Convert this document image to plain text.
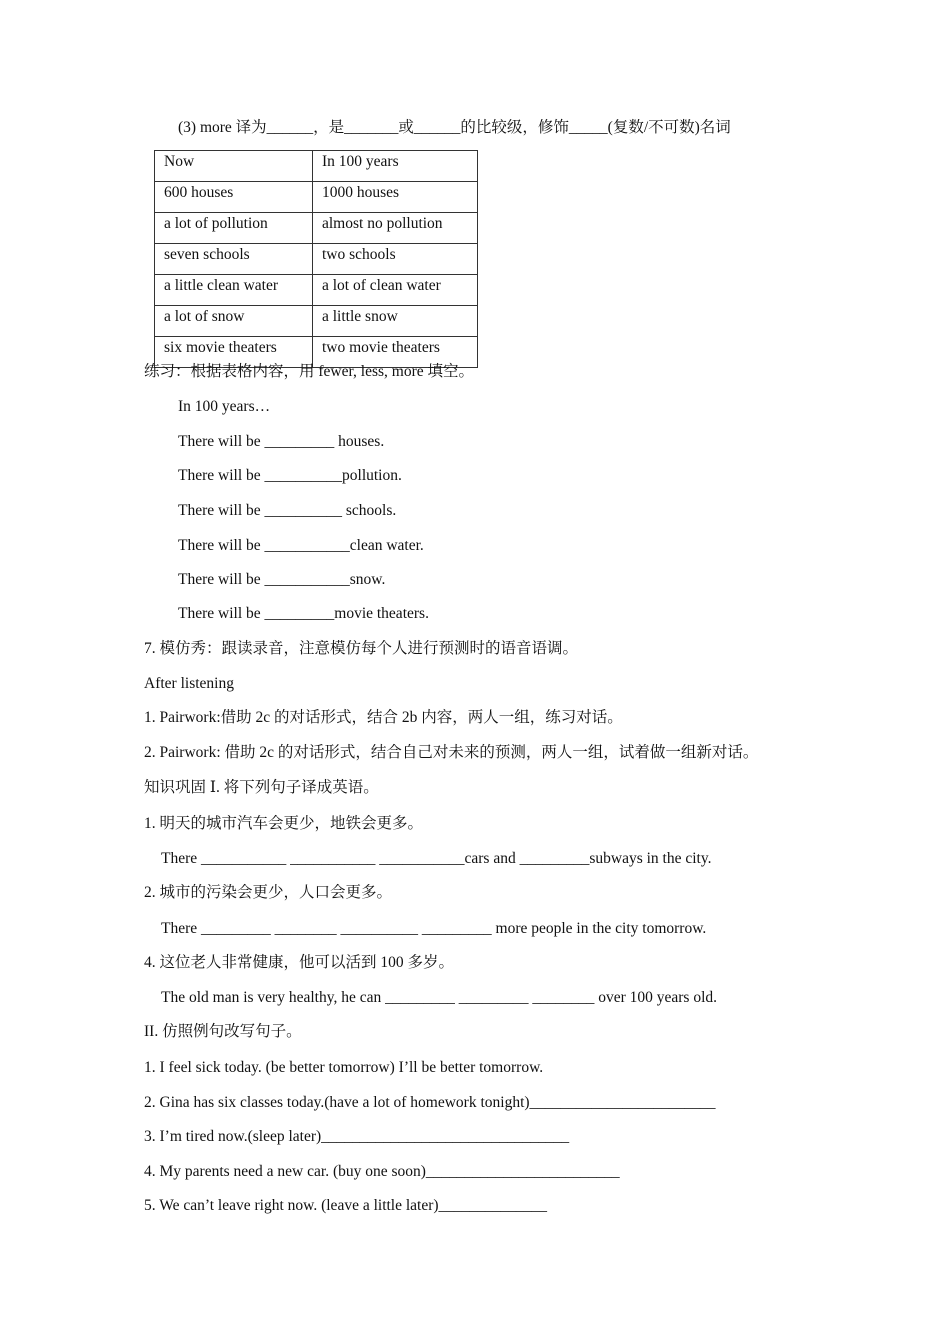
(3) more 译为______，是_______或______的比较级，修饰_____(复数/不可数)名词
Now	In 100 years
600 houses	1000 houses
a lot of pollution	almost no pollution
seven schools	two schools
a little clean water	a lot of clean water
a lot of snow	a little snow
six movie theaters	two movie theaters
练习：根据表格内容，用 fewer, less, more 填空。
In 100 years…
There will be _________ houses.
There will be __________pollution.
There will be __________ schools.
There will be ___________clean water.
There will be ___________snow.
There will be _________movie theaters.
7. 模仿秀：跟读录音，注意模仿每个人进行预测时的语音语调。
After listening
1. Pairwork:借助 2c 的对话形式，结合 2b 内容，两人一组，练习对话。
2. Pairwork: 借助 2c 的对话形式，结合自己对未来的预测，两人一组，试着做一组新对话。
知识巩固 Ⅰ. 将下列句子译成英语。
1. 明天的城市汽车会更少，地铁会更多。
There ___________ ___________ ___________cars and _________subways in the city.
2. 城市的污染会更少，人口会更多。
There _________ ________ __________ _________ more people in the city tomorrow.
4. 这位老人非常健康，他可以活到 100 多岁。
The old man is very healthy, he can _________ _________ ________ over 100 years old.
II. 仿照例句改写句子。
1. I feel sick today. (be better tomorrow) I’ll be better tomorrow.
2. Gina has six classes today.(have a lot of homework tonight)________________________
3. I’m tired now.(sleep later)________________________________
4. My parents need a new car. (buy one soon)_________________________
5. We can’t leave right now. (leave a little later)______________
